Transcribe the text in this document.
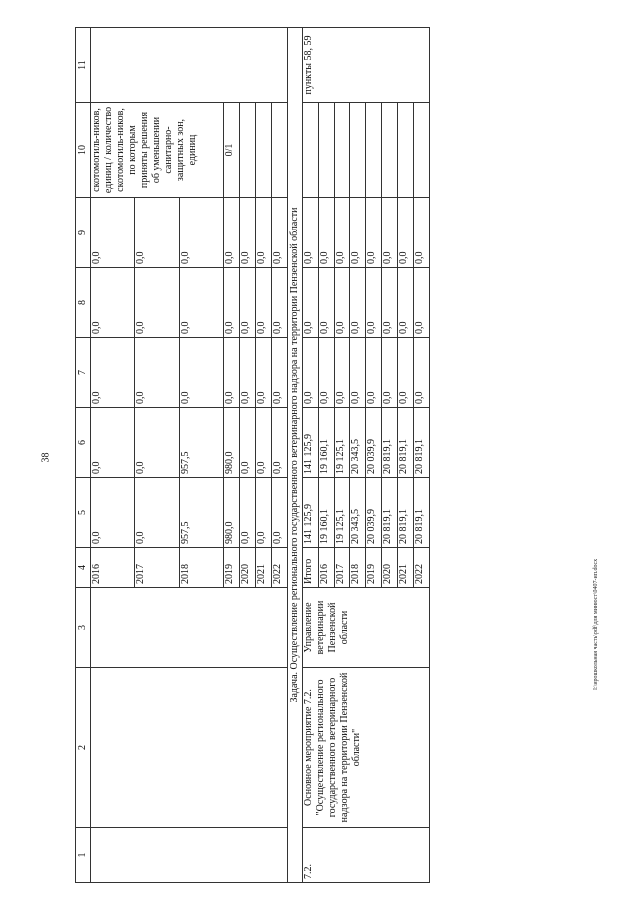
38
1	2	3	4	5	6	7	8	9	10	11
			2016	0,0	0,0	0,0	0,0	0,0	скотомогиль-ников, единиц / количество скотомогиль-ников, по которым приняты решения об уменьшении санитарно-защитных зон, единиц	
			2017	0,0	0,0	0,0	0,0	0,0		
			2018	957,5	957,5	0,0	0,0	0,0		
			2019	980,0	980,0	0,0	0,0	0,0	0/1	
			2020	0,0	0,0	0,0	0,0	0,0		
			2021	0,0	0,0	0,0	0,0	0,0		
			2022	0,0	0,0	0,0	0,0	0,0		
Задача. Осуществление регионального государственного ветеринарного надзора на территории Пензенской области										
7.2.	Основное мероприятие 7.2. "Осуществление регионального государственного ветеринарного надзора на территории Пензенской области"	Управление ветеринарии Пензенской области	Итого	141 125,9	141 125,9	0,0	0,0	0,0		пункты 58, 59
			2016	19 160,1	19 160,1	0,0	0,0	0,0		
			2017	19 125,1	19 125,1	0,0	0,0	0,0		
			2018	20 343,5	20 343,5	0,0	0,0	0,0		
			2019	20 039,9	20 039,9	0,0	0,0	0,0		
			2020	20 819,1	20 819,1	0,0	0,0	0,0		
			2021	20 819,1	20 819,1	0,0	0,0	0,0		
			2022	20 819,1	20 819,1	0,0	0,0	0,0		
I:\ирошкольная часть\pdf\для минюст\0407-ип.docx
